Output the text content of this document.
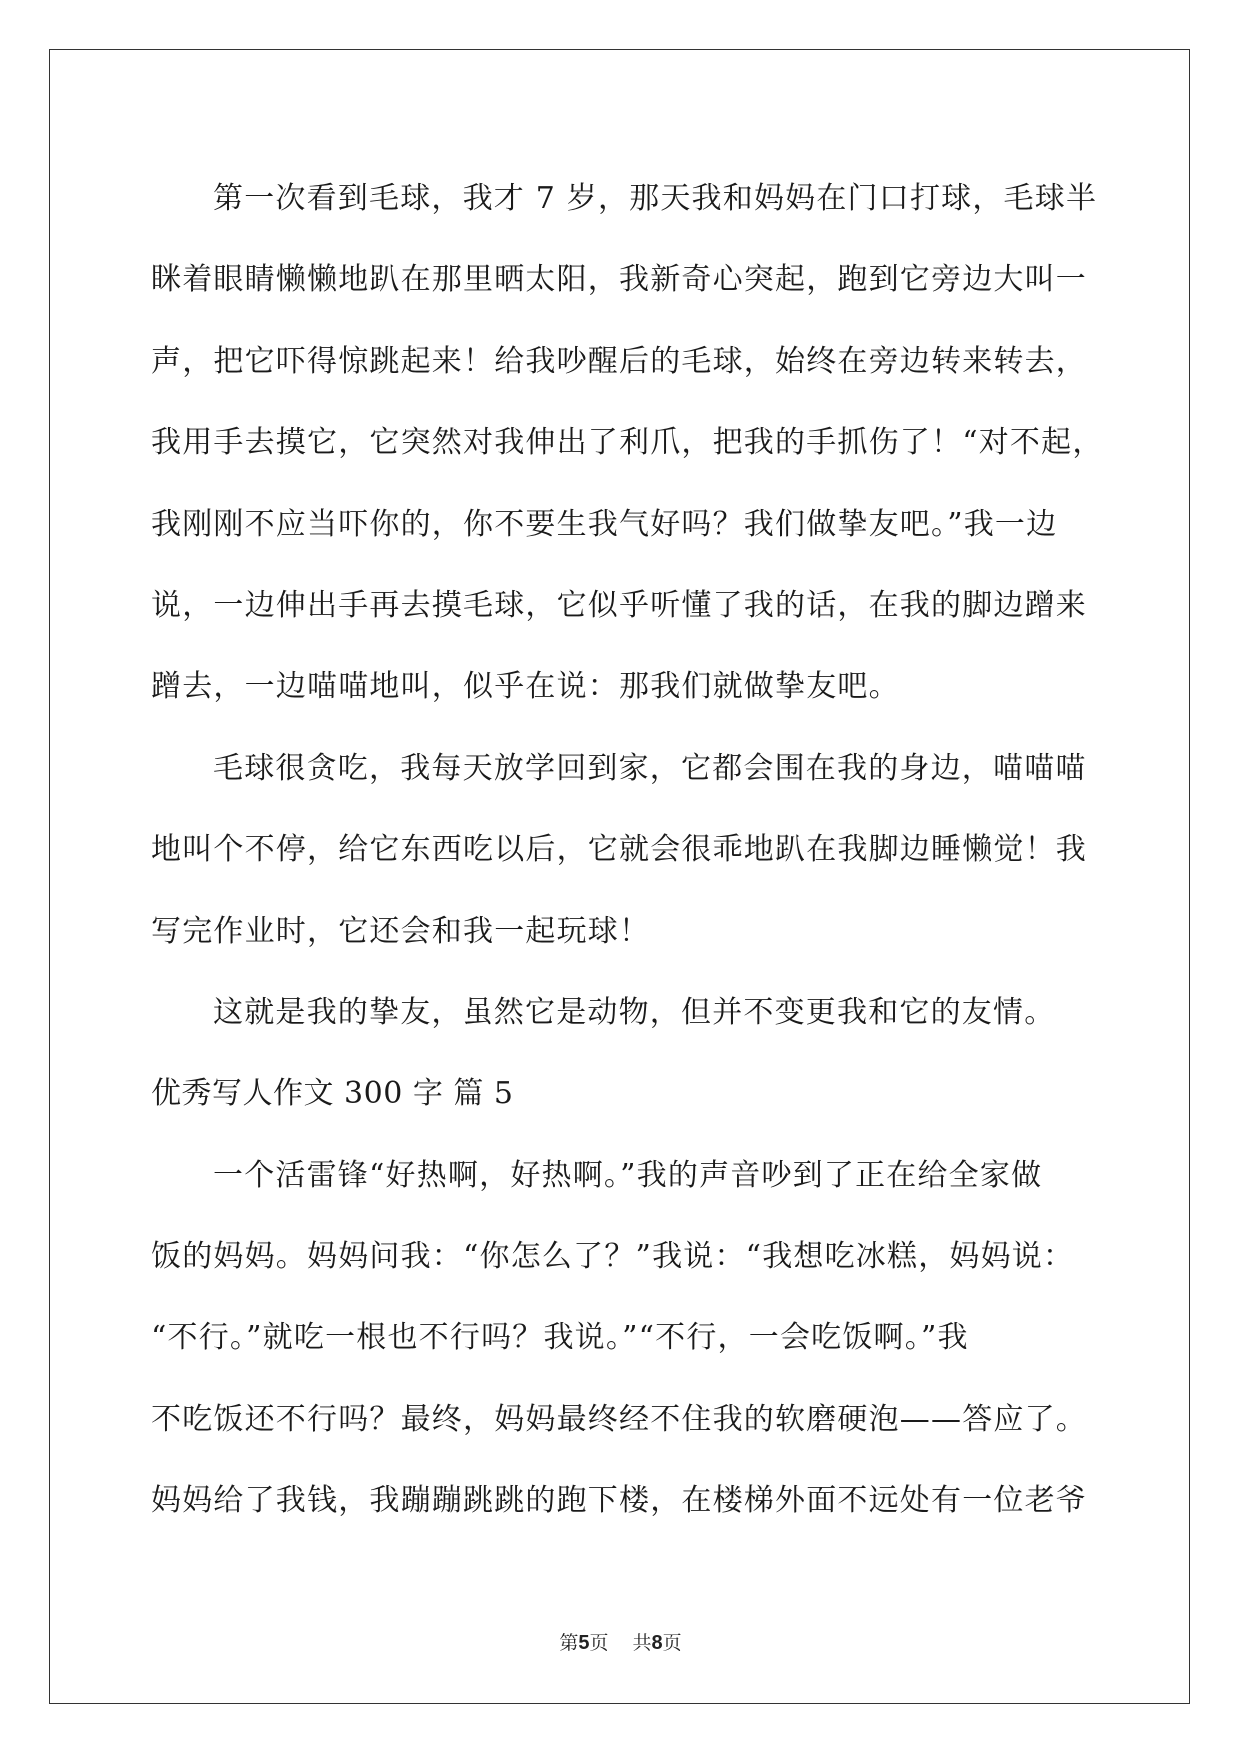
第一次看到毛球，我才 7 岁，那天我和妈妈在门口打球，毛球半
眯着眼睛懒懒地趴在那里晒太阳，我新奇心突起，跑到它旁边大叫一
声，把它吓得惊跳起来！给我吵醒后的毛球，始终在旁边转来转去，
我用手去摸它，它突然对我伸出了利爪，把我的手抓伤了！“对不起，
我刚刚不应当吓你的，你不要生我气好吗？我们做挚友吧。”我一边
说，一边伸出手再去摸毛球，它似乎听懂了我的话，在我的脚边蹭来
蹭去，一边喵喵地叫，似乎在说：那我们就做挚友吧。
毛球很贪吃，我每天放学回到家，它都会围在我的身边，喵喵喵
地叫个不停，给它东西吃以后，它就会很乖地趴在我脚边睡懒觉！我
写完作业时，它还会和我一起玩球！
这就是我的挚友，虽然它是动物，但并不变更我和它的友情。
优秀写人作文 300 字 篇 5
一个活雷锋“好热啊，好热啊。”我的声音吵到了正在给全家做
饭的妈妈。妈妈问我：“你怎么了？”我说：“我想吃冰糕，妈妈说：
“不行。”就吃一根也不行吗？我说。”“不行，一会吃饭啊。”我
不吃饭还不行吗？最终，妈妈最终经不住我的软磨硬泡——答应了。
妈妈给了我钱，我蹦蹦跳跳的跑下楼，在楼梯外面不远处有一位老爷
第5页 共8页
